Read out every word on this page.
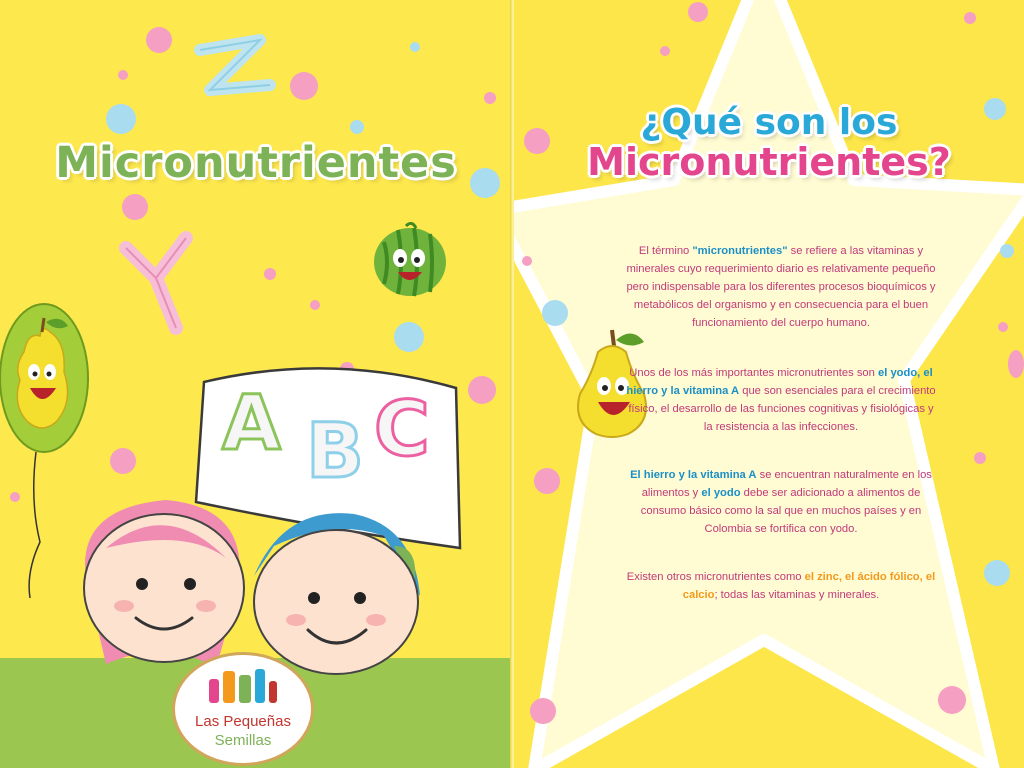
Micronutrientes
A B C
Las Pequeñas
Semillas
¿Qué son los
Micronutrientes?
El término "micronutrientes" se refiere a las vitaminas y minerales cuyo requerimiento diario es relativamente pequeño pero indispensable para los diferentes procesos bioquímicos y metabólicos del organismo y en consecuencia para el buen funcionamiento del cuerpo humano.
Unos de los más importantes micronutrientes son el yodo, el hierro y la vitamina A que son esenciales para el crecimiento físico, el desarrollo de las funciones cognitivas y fisiológicas y la resistencia a las infecciones.
El hierro y la vitamina A se encuentran naturalmente en los alimentos y el yodo debe ser adicionado a alimentos de consumo básico como la sal que en muchos países y en Colombia se fortifica con yodo.
Existen otros micronutrientes como el zinc, el ácido fólico, el calcio; todas las vitaminas y minerales.
